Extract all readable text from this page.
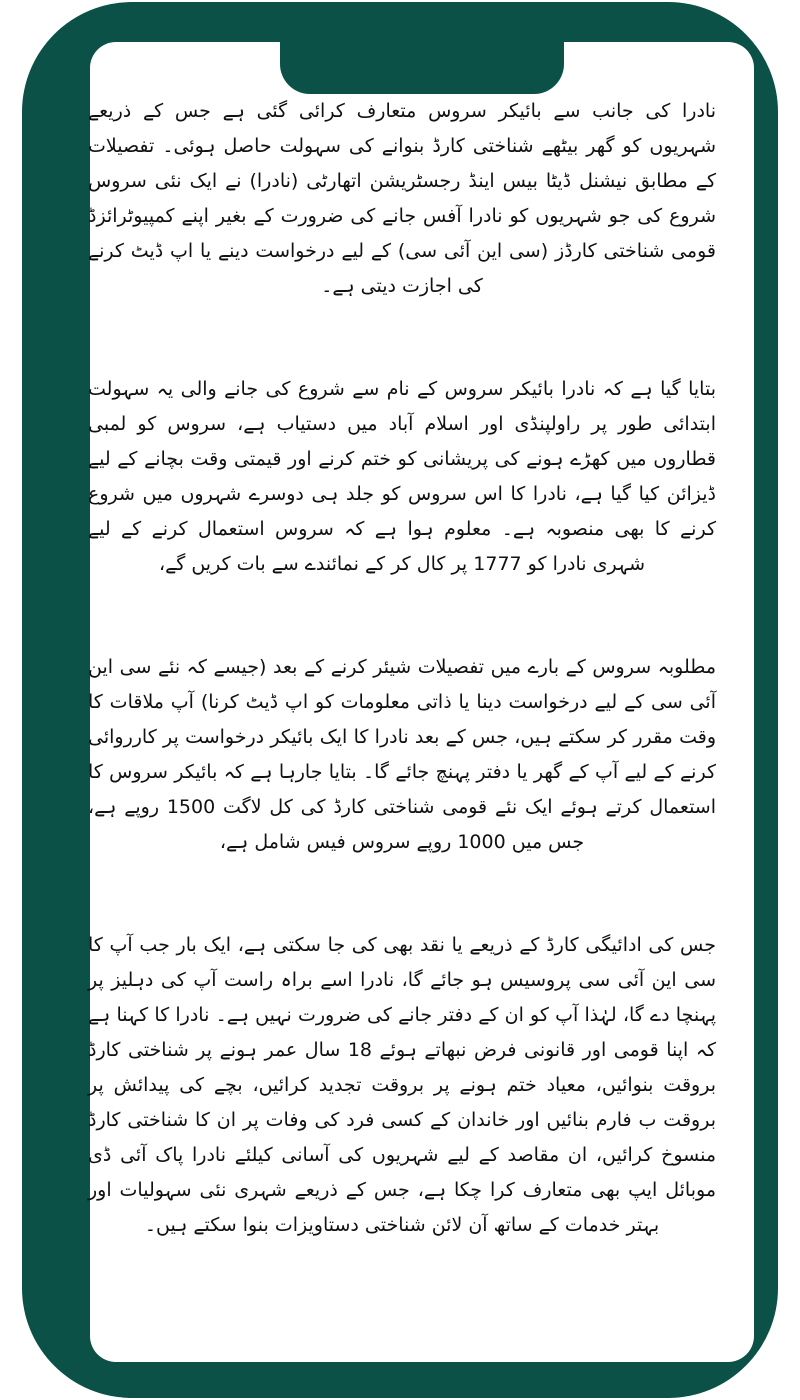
نادرا کی جانب سے بائیکر سروس متعارف کرائی گئی ہے جس کے ذریعے شہریوں کو گھر بیٹھے شناختی کارڈ بنوانے کی سہولت حاصل ہوئی۔ تفصیلات کے مطابق نیشنل ڈیٹا بیس اینڈ رجسٹریشن اتھارٹی (نادرا) نے ایک نئی سروس شروع کی جو شہریوں کو نادرا آفس جانے کی ضرورت کے بغیر اپنے کمپیوٹرائزڈ قومی شناختی کارڈز (سی این آئی سی) کے لیے درخواست دینے یا اپ ڈیٹ کرنے کی اجازت دیتی ہے۔

بتایا گیا ہے کہ نادرا بائیکر سروس کے نام سے شروع کی جانے والی یہ سہولت ابتدائی طور پر راولپنڈی اور اسلام آباد میں دستیاب ہے، سروس کو لمبی قطاروں میں کھڑے ہونے کی پریشانی کو ختم کرنے اور قیمتی وقت بچانے کے لیے ڈیزائن کیا گیا ہے، نادرا کا اس سروس کو جلد ہی دوسرے شہروں میں شروع کرنے کا بھی منصوبہ ہے۔ معلوم ہوا ہے کہ سروس استعمال کرنے کے لیے شہری نادرا کو 1777 پر کال کر کے نمائندے سے بات کریں گے،

مطلوبہ سروس کے بارے میں تفصیلات شیئر کرنے کے بعد (جیسے کہ نئے سی این آئی سی کے لیے درخواست دینا یا ذاتی معلومات کو اپ ڈیٹ کرنا) آپ ملاقات کا وقت مقرر کر سکتے ہیں، جس کے بعد نادرا کا ایک بائیکر درخواست پر کارروائی کرنے کے لیے آپ کے گھر یا دفتر پہنچ جائے گا۔ بتایا جارہا ہے کہ بائیکر سروس کا استعمال کرتے ہوئے ایک نئے قومی شناختی کارڈ کی کل لاگت 1500 روپے ہے، جس میں 1000 روپے سروس فیس شامل ہے،

جس کی ادائیگی کارڈ کے ذریعے یا نقد بھی کی جا سکتی ہے، ایک بار جب آپ کا سی این آئی سی پروسیس ہو جائے گا، نادرا اسے براہ راست آپ کی دہلیز پر پہنچا دے گا، لہٰذا آپ کو ان کے دفتر جانے کی ضرورت نہیں ہے۔ نادرا کا کہنا ہے کہ اپنا قومی اور قانونی فرض نبھاتے ہوئے 18 سال عمر ہونے پر شناختی کارڈ بروقت بنوائیں، معیاد ختم ہونے پر بروقت تجدید کرائیں، بچے کی پیدائش پر بروقت ب فارم بنائیں اور خاندان کے کسی فرد کی وفات پر ان کا شناختی کارڈ منسوخ کرائیں، ان مقاصد کے لیے شہریوں کی آسانی کیلئے نادرا پاک آئی ڈی موبائل ایپ بھی متعارف کرا چکا ہے، جس کے ذریعے شہری نئی سہولیات اور بہتر خدمات کے ساتھ آن لائن شناختی دستاویزات بنوا سکتے ہیں۔
